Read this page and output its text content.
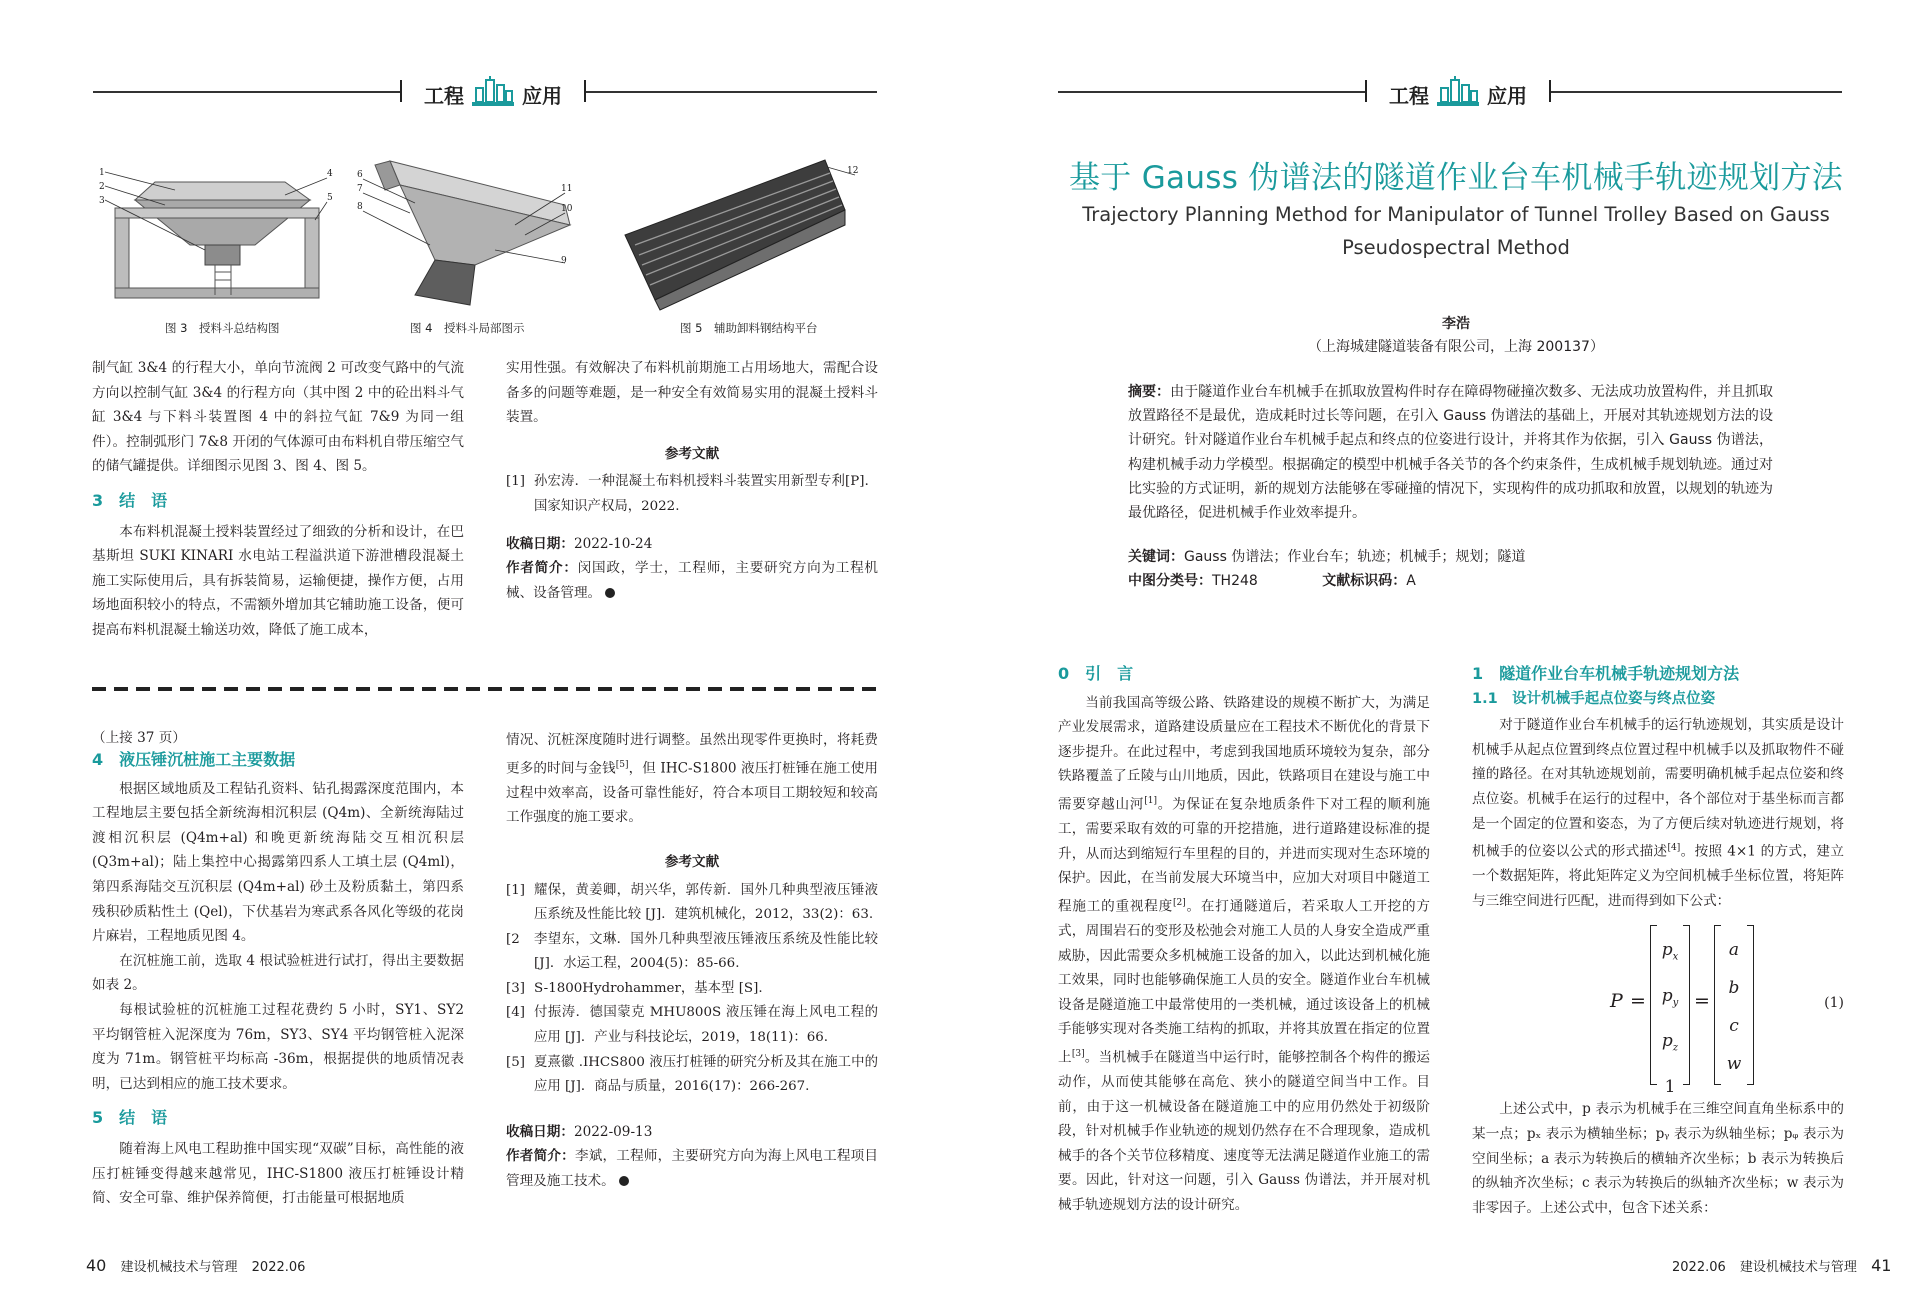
工程	应用	工程	应用
1
2
3
4
5
图 3　授料斗总结构图
6
7
8
11
10
9
图 4　授料斗局部图示
12
图 5　辅助卸料钢结构平台

制气缸 3&4 的行程大小，单向节流阀 2 可改变气路中的气流方向以控制气缸 3&4 的行程方向（其中图 2 中的砼出料斗气缸 3&4 与下料斗装置图 4 中的斜拉气缸 7&9 为同一组件）。控制弧形门 7&8 开闭的气体源可由布料机自带压缩空气的储气罐提供。详细图示见图 3、图 4、图 5。

3　结　语

本布料机混凝土授料装置经过了细致的分析和设计，在巴基斯坦 SUKI KINARI 水电站工程溢洪道下游泄槽段混凝土施工实际使用后，具有拆装简易，运输便捷，操作方便，占用场地面积较小的特点，不需额外增加其它辅助施工设备，便可提高布料机混凝土输送功效，降低了施工成本，

实用性强。有效解决了布料机前期施工占用场地大，需配合设备多的问题等难题，是一种安全有效简易实用的混凝土授料斗装置。

参考文献
[1] 孙宏涛．一种混凝土布料机授料斗装置实用新型专利[P]．国家知识产权局，2022.
收稿日期：2022-10-24
作者简介：闵国政，学士，工程师，主要研究方向为工程机械、设备管理。
（上接 37 页）
4　液压锤沉桩施工主要数据

根据区域地质及工程钻孔资料、钻孔揭露深度范围内，本工程地层主要包括全新统海相沉积层 (Q4m)、全新统海陆过渡相沉积层 (Q4m+al) 和晚更新统海陆交互相沉积层 (Q3m+al)；陆上集控中心揭露第四系人工填土层 (Q4ml)，第四系海陆交互沉积层 (Q4m+al) 砂土及粉质黏土，第四系残积砂质粘性土 (Qel)，下伏基岩为寒武系各风化等级的花岗片麻岩，工程地质见图 4。

在沉桩施工前，选取 4 根试验桩进行试打，得出主要数据如表 2。

每根试验桩的沉桩施工过程花费约 5 小时，SY1、SY2 平均钢管桩入泥深度为 76m，SY3、SY4 平均钢管桩入泥深度为 71m。钢管桩平均标高 -36m，根据提供的地质情况表明，已达到相应的施工技术要求。

5　结　语

随着海上风电工程助推中国实现“双碳”目标，高性能的液压打桩锤变得越来越常见，IHC-S1800 液压打桩锤设计精简、安全可靠、维护保养简便，打击能量可根据地质

情况、沉桩深度随时进行调整。虽然出现零件更换时，将耗费更多的时间与金钱[5]，但 IHC-S1800 液压打桩锤在施工使用过程中效率高，设备可靠性能好，符合本项目工期较短和较高工作强度的施工要求。

参考文献
[1] 耀保，黄姜卿，胡兴华，郭传新．国外几种典型液压锤液压系统及性能比较 [J]．建筑机械化，2012，33(2)：63.
[2	李望东，文琳．国外几种典型液压锤液压系统及性能比较 [J]．水运工程，2004(5)：85-66.
[3] S-1800Hydrohammer，基本型 [S].
[4] 付振涛．德国蒙克 MHU800S 液压锤在海上风电工程的应用 [J]．产业与科技论坛，2019，18(11)：66.
[5] 夏熹徽 .IHCS800 液压打桩锤的研究分析及其在施工中的应用 [J]．商品与质量，2016(17)：266-267.
收稿日期：2022-09-13
作者简介：李斌，工程师，主要研究方向为海上风电工程项目管理及施工技术。
40 建设机械技术与管理 2022.06
基于 Gauss 伪谱法的隧道作业台车机械手轨迹规划方法
Trajectory Planning Method for Manipulator of Tunnel Trolley Based on Gauss
Pseudospectral Method
李浩
（上海城建隧道装备有限公司，上海 200137）
摘要：由于隧道作业台车机械手在抓取放置构件时存在障碍物碰撞次数多、无法成功放置构件，并且抓取放置路径不是最优，造成耗时过长等问题，在引入 Gauss 伪谱法的基础上，开展对其轨迹规划方法的设计研究。针对隧道作业台车机械手起点和终点的位姿进行设计，并将其作为依据，引入 Gauss 伪谱法，构建机械手动力学模型。根据确定的模型中机械手各关节的各个约束条件，生成机械手规划轨迹。通过对比实验的方式证明，新的规划方法能够在零碰撞的情况下，实现构件的成功抓取和放置，以规划的轨迹为最优路径，促进机械手作业效率提升。
关键词：Gauss 伪谱法；作业台车；轨迹；机械手；规划；隧道
中图分类号：TH248	文献标识码：A
0　引　言

当前我国高等级公路、铁路建设的规模不断扩大，为满足产业发展需求，道路建设质量应在工程技术不断优化的背景下逐步提升。在此过程中，考虑到我国地质环境较为复杂，部分铁路覆盖了丘陵与山川地质，因此，铁路项目在建设与施工中需要穿越山河[1]。为保证在复杂地质条件下对工程的顺利施工，需要采取有效的可靠的开挖措施，进行道路建设标准的提升，从而达到缩短行车里程的目的，并进而实现对生态环境的保护。因此，在当前发展大环境当中，应加大对项目中隧道工程施工的重视程度[2]。在打通隧道后，若采取人工开挖的方式，周围岩石的变形及松弛会对施工人员的人身安全造成严重威胁，因此需要众多机械施工设备的加入，以此达到机械化施工效果，同时也能够确保施工人员的安全。隧道作业台车机械设备是隧道施工中最常使用的一类机械，通过该设备上的机械手能够实现对各类施工结构的抓取，并将其放置在指定的位置上[3]。当机械手在隧道当中运行时，能够控制各个构件的搬运动作，从而使其能够在高危、狭小的隧道空间当中工作。目前，由于这一机械设备在隧道施工中的应用仍然处于初级阶段，针对机械手作业轨迹的规划仍然存在不合理现象，造成机械手的各个关节位移精度、速度等无法满足隧道作业施工的需要。因此，针对这一问题，引入 Gauss 伪谱法，并开展对机械手轨迹规划方法的设计研究。

1　隧道作业台车机械手轨迹规划方法
1.1　设计机械手起点位姿与终点位姿

对于隧道作业台车机械手的运行轨迹规划，其实质是设计机械手从起点位置到终点位置过程中机械手以及抓取物件不碰撞的路径。在对其轨迹规划前，需要明确机械手起点位姿和终点位姿。机械手在运行的过程中，各个部位对于基坐标而言都是一个固定的位置和姿态，为了方便后续对轨迹进行规划，将机械手的位姿以公式的形式描述[4]。按照 4×1 的方式，建立一个数据矩阵，将此矩阵定义为空间机械手坐标位置，将矩阵与三维空间进行匹配，进而得到如下公式：

P =
$p_x$
$p_y$
$p_z$
1
=
a
b
c
w
(1)

上述公式中，p 表示为机械手在三维空间直角坐标系中的某一点；pₓ 表示为横轴坐标；pᵧ 表示为纵轴坐标；pᵩ 表示为空间坐标；a 表示为转换后的横轴齐次坐标；b 表示为转换后的纵轴齐次坐标；c 表示为转换后的纵轴齐次坐标；w 表示为非零因子。上述公式中，包含下述关系：

2022.06 建设机械技术与管理 41
